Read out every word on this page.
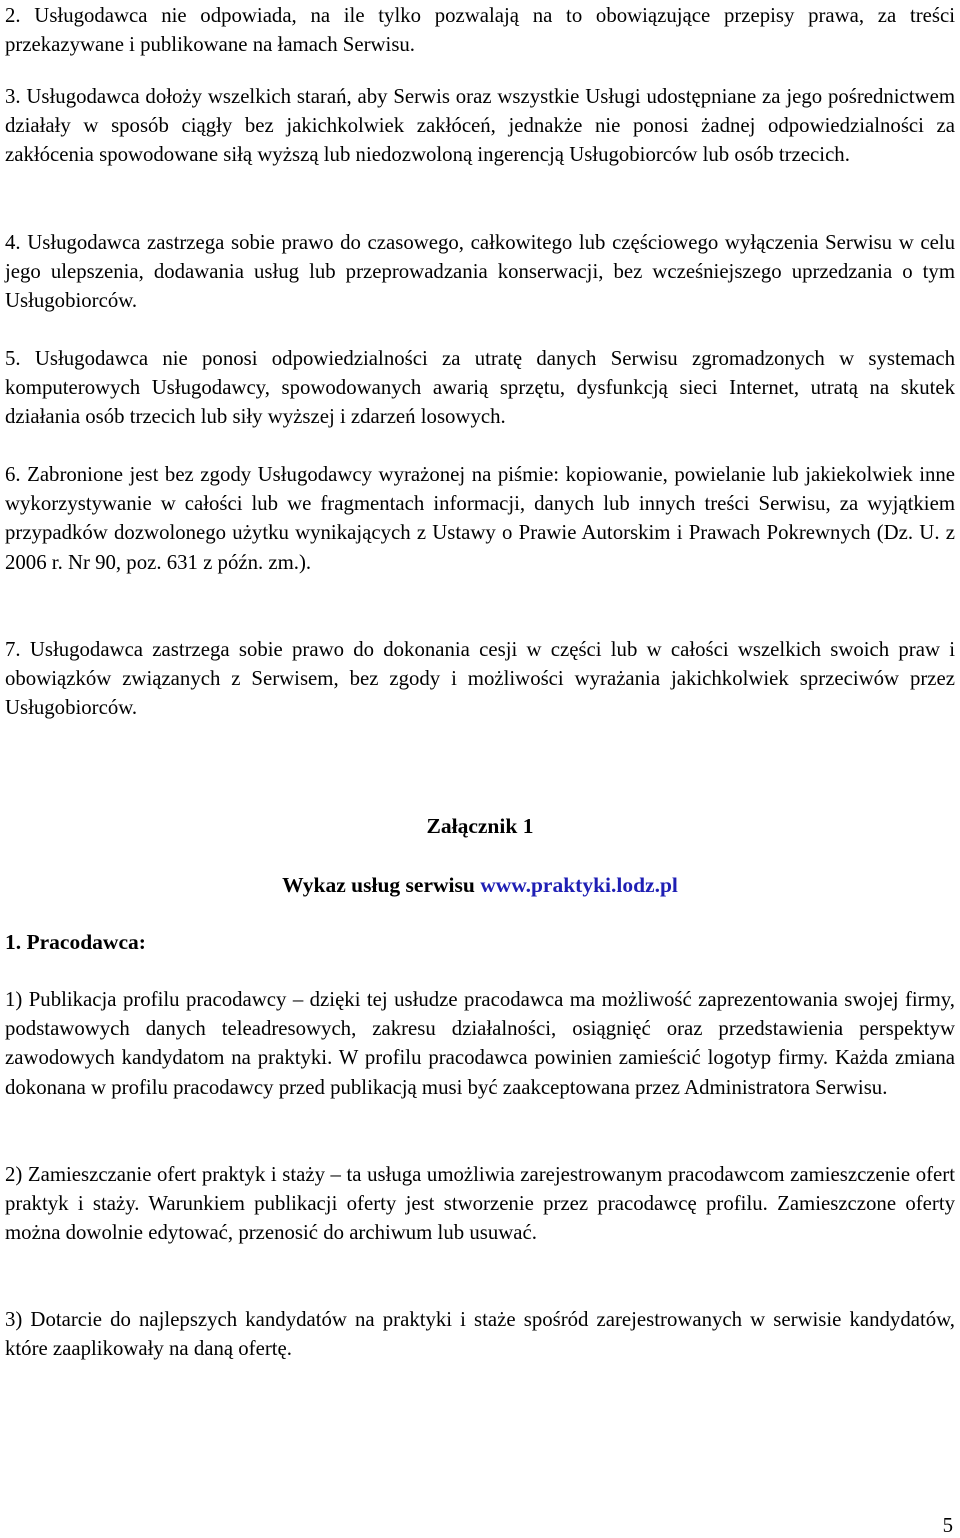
2. Usługodawca nie odpowiada, na ile tylko pozwalają na to obowiązujące przepisy prawa, za treści przekazywane i publikowane na łamach Serwisu.

3. Usługodawca dołoży wszelkich starań, aby Serwis oraz wszystkie Usługi udostępniane za jego pośrednictwem działały w sposób ciągły bez jakichkolwiek zakłóceń, jednakże nie ponosi żadnej odpowiedzialności za zakłócenia spowodowane siłą wyższą lub niedozwoloną ingerencją Usługobiorców lub osób trzecich.

4. Usługodawca zastrzega sobie prawo do czasowego, całkowitego lub częściowego wyłączenia Serwisu w celu jego ulepszenia, dodawania usług lub przeprowadzania konserwacji, bez wcześniejszego uprzedzania o tym Usługobiorców.

5. Usługodawca nie ponosi odpowiedzialności za utratę danych Serwisu zgromadzonych w systemach komputerowych Usługodawcy, spowodowanych awarią sprzętu, dysfunkcją sieci Internet, utratą na skutek działania osób trzecich lub siły wyższej i zdarzeń losowych.

6. Zabronione jest bez zgody Usługodawcy wyrażonej na piśmie: kopiowanie, powielanie lub jakiekolwiek inne wykorzystywanie w całości lub we fragmentach informacji, danych lub innych treści Serwisu, za wyjątkiem przypadków dozwolonego użytku wynikających z Ustawy o Prawie Autorskim i Prawach Pokrewnych (Dz. U. z 2006 r. Nr 90, poz. 631 z późn. zm.).

7. Usługodawca zastrzega sobie prawo do dokonania cesji w części lub w całości wszelkich swoich praw i obowiązków związanych z Serwisem, bez zgody i możliwości wyrażania jakichkolwiek sprzeciwów przez Usługobiorców.

Załącznik 1
Wykaz usług serwisu www.praktyki.lodz.pl
1. Pracodawca:

1) Publikacja profilu pracodawcy – dzięki tej usłudze pracodawca ma możliwość zaprezentowania swojej firmy, podstawowych danych teleadresowych, zakresu działalności, osiągnięć oraz przedstawienia perspektyw zawodowych kandydatom na praktyki. W profilu pracodawca powinien zamieścić logotyp firmy. Każda zmiana dokonana w profilu pracodawcy przed publikacją musi być zaakceptowana przez Administratora Serwisu.

2) Zamieszczanie ofert praktyk i staży – ta usługa umożliwia zarejestrowanym pracodawcom zamieszczenie ofert praktyk i staży. Warunkiem publikacji oferty jest stworzenie przez pracodawcę profilu. Zamieszczone oferty można dowolnie edytować, przenosić do archiwum lub usuwać.

3) Dotarcie do najlepszych kandydatów na praktyki i staże spośród zarejestrowanych w serwisie kandydatów, które zaaplikowały na daną ofertę.

5
